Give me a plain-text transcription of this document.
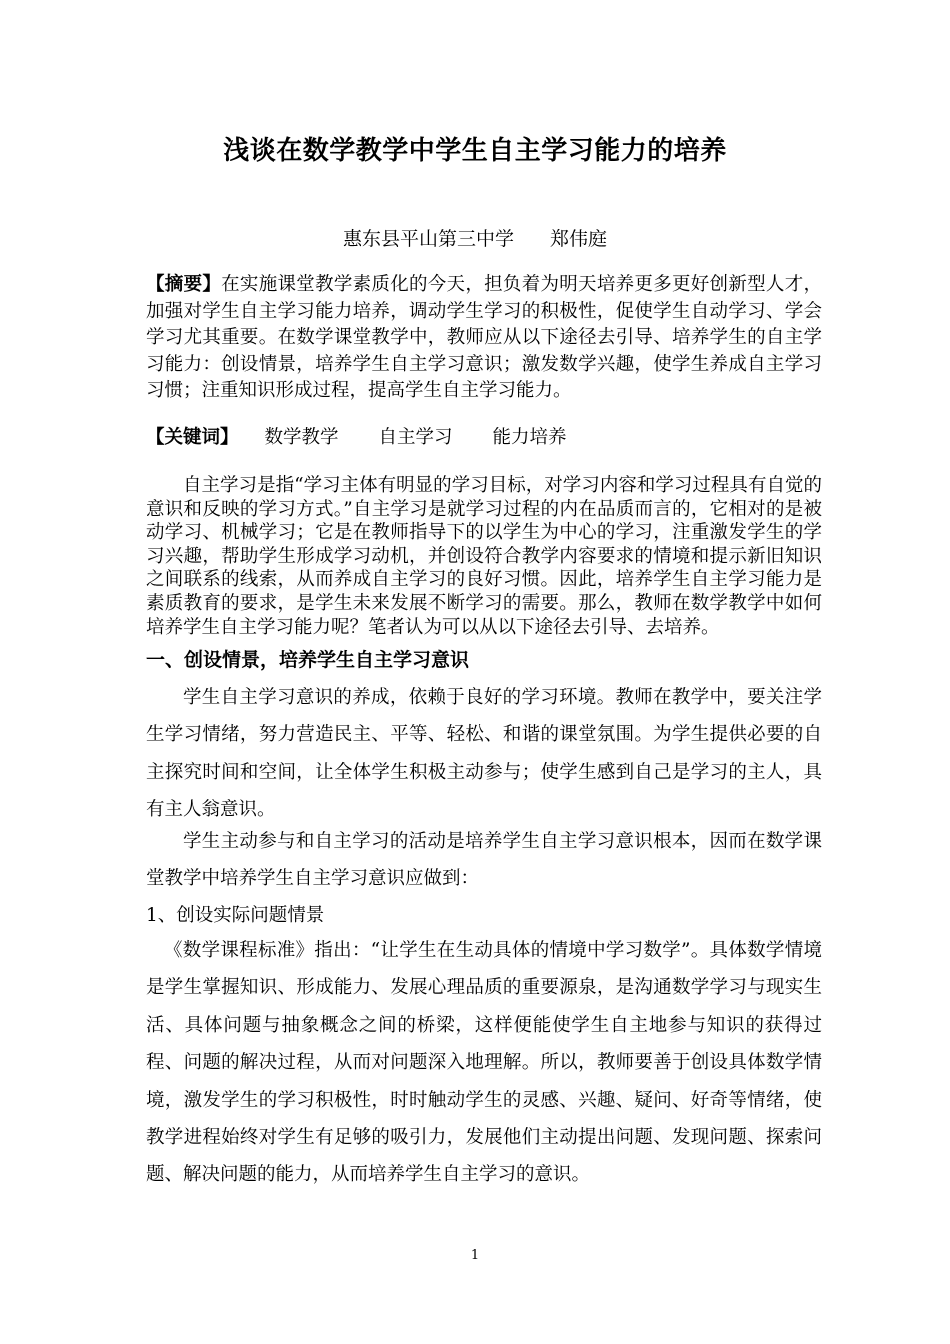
浅谈在数学教学中学生自主学习能力的培养
惠东县平山第三中学 郑伟庭
【摘要】在实施课堂教学素质化的今天，担负着为明天培养更多更好创新型人才，加强对学生自主学习能力培养，调动学生学习的积极性，促使学生自动学习、学会学习尤其重要。在数学课堂教学中，教师应从以下途径去引导、培养学生的自主学习能力：创设情景，培养学生自主学习意识；激发数学兴趣，使学生养成自主学习习惯；注重知识形成过程，提高学生自主学习能力。
【关键词】 数学教学 自主学习 能力培养
自主学习是指“学习主体有明显的学习目标，对学习内容和学习过程具有自觉的意识和反映的学习方式。”自主学习是就学习过程的内在品质而言的，它相对的是被动学习、机械学习；它是在教师指导下的以学生为中心的学习，注重激发学生的学习兴趣，帮助学生形成学习动机，并创设符合教学内容要求的情境和提示新旧知识之间联系的线索，从而养成自主学习的良好习惯。因此，培养学生自主学习能力是素质教育的要求，是学生未来发展不断学习的需要。那么，教师在数学教学中如何培养学生自主学习能力呢？笔者认为可以从以下途径去引导、去培养。
一、创设情景，培养学生自主学习意识

学生自主学习意识的养成，依赖于良好的学习环境。教师在教学中，要关注学生学习情绪，努力营造民主、平等、轻松、和谐的课堂氛围。为学生提供必要的自主探究时间和空间，让全体学生积极主动参与；使学生感到自己是学习的主人，具有主人翁意识。

学生主动参与和自主学习的活动是培养学生自主学习意识根本，因而在数学课堂教学中培养学生自主学习意识应做到：

1、创设实际问题情景

《数学课程标准》指出：“让学生在生动具体的情境中学习数学”。具体数学情境是学生掌握知识、形成能力、发展心理品质的重要源泉，是沟通数学学习与现实生活、具体问题与抽象概念之间的桥梁，这样便能使学生自主地参与知识的获得过程、问题的解决过程，从而对问题深入地理解。所以，教师要善于创设具体数学情境，激发学生的学习积极性，时时触动学生的灵感、兴趣、疑问、好奇等情绪，使教学进程始终对学生有足够的吸引力，发展他们主动提出问题、发现问题、探索问题、解决问题的能力，从而培养学生自主学习的意识。

1
